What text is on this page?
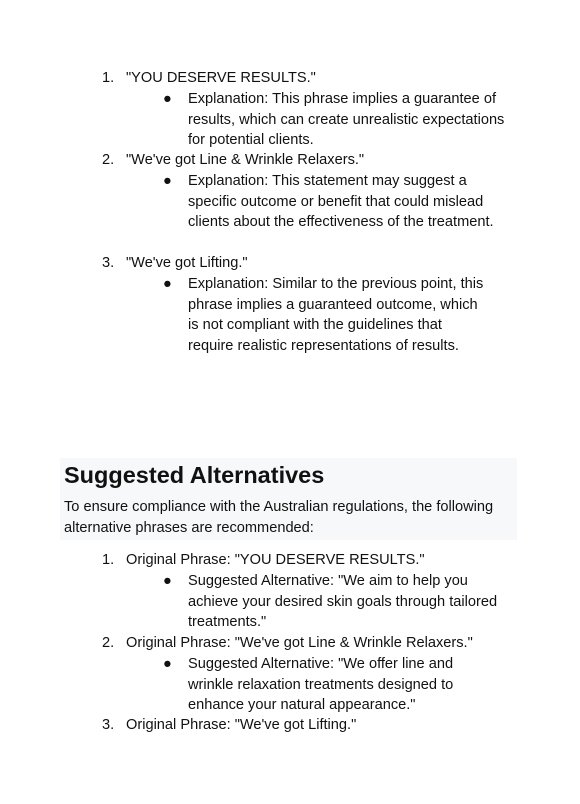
1. "YOU DESERVE RESULTS."
●	Explanation: This phrase implies a guarantee of results, which can create unrealistic expectations for potential clients.
2. "We've got Line & Wrinkle Relaxers."
●	Explanation: This statement may suggest a specific outcome or benefit that could mislead clients about the effectiveness of the treatment.
3. "We've got Lifting."
●	Explanation: Similar to the previous point, this phrase implies a guaranteed outcome, which is not compliant with the guidelines that require realistic representations of results.
Suggested Alternatives
To ensure compliance with the Australian regulations, the following alternative phrases are recommended:
1. Original Phrase: "YOU DESERVE RESULTS."
●	Suggested Alternative: "We aim to help you achieve your desired skin goals through tailored treatments."
2. Original Phrase: "We've got Line & Wrinkle Relaxers."
●	Suggested Alternative: "We offer line and wrinkle relaxation treatments designed to enhance your natural appearance."
3. Original Phrase: "We've got Lifting."
